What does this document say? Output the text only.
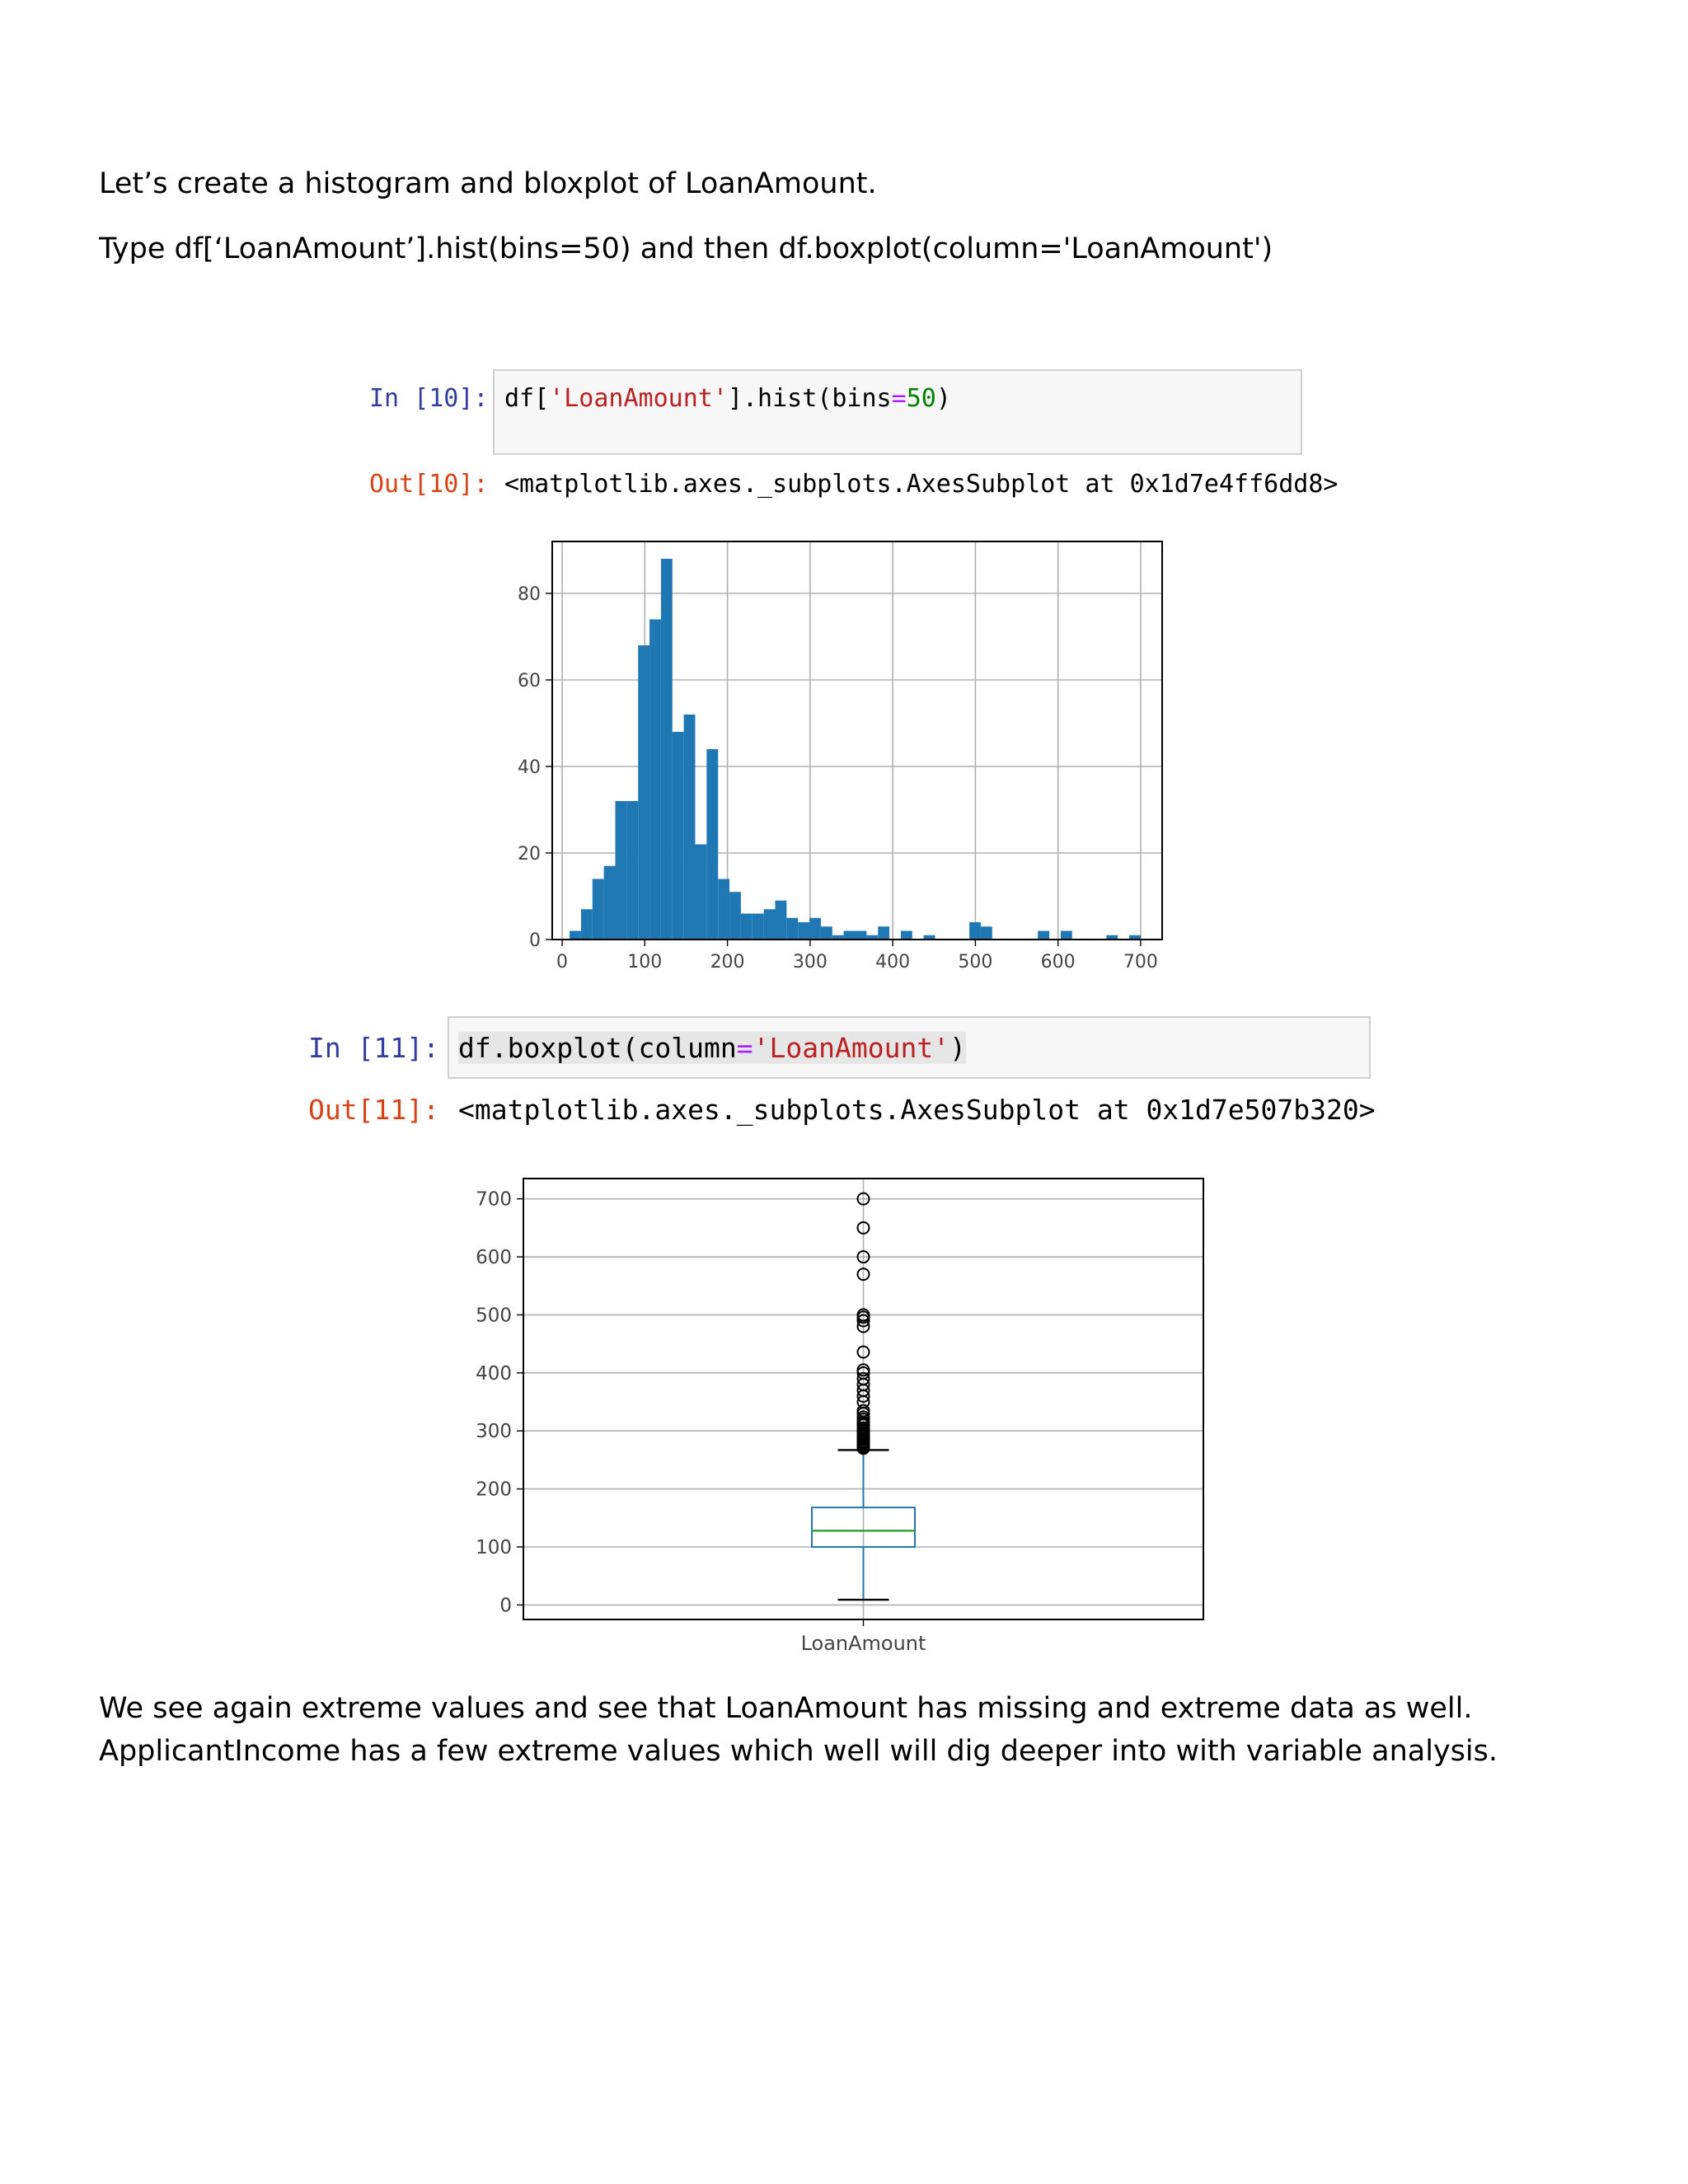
Let’s create a histogram and bloxplot of LoanAmount.

Type df[‘LoanAmount’].hist(bins=50) and then df.boxplot(column='LoanAmount')

In [10]: df['LoanAmount'].hist(bins=50)
Out[10]: <matplotlib.axes._subplots.AxesSubplot at 0x1d7e4ff6dd8>
0	100	200	300	400	500	600	700
0
20
40
60
80
In [11]: df.boxplot(column='LoanAmount')
Out[11]: <matplotlib.axes._subplots.AxesSubplot at 0x1d7e507b320>
0
100
200
300
400
500
600
700
LoanAmount

We see again extreme values and see that LoanAmount has missing and extreme data as well.

ApplicantIncome has a few extreme values which well will dig deeper into with variable analysis.
